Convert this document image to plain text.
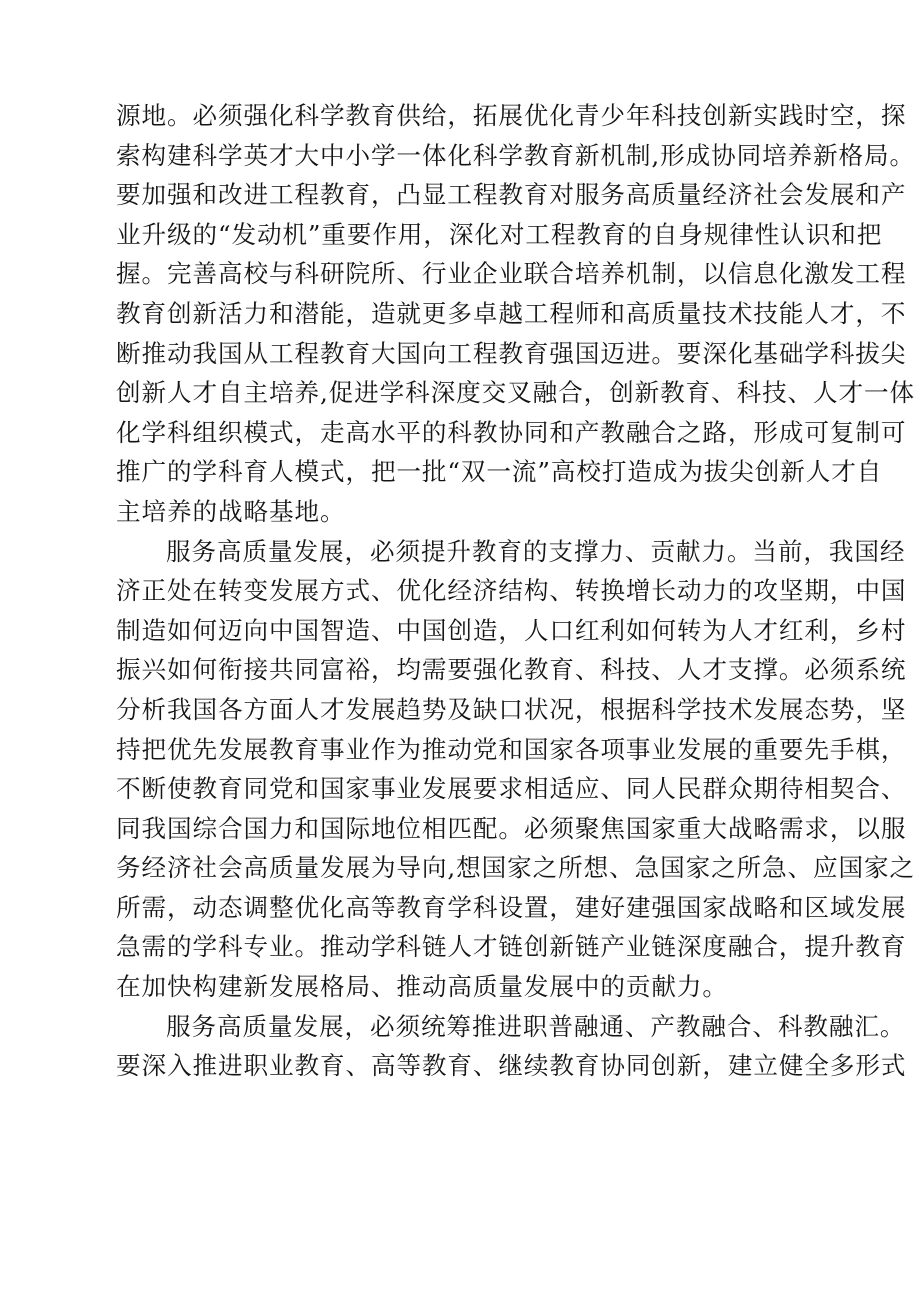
源地。必须强化科学教育供给，拓展优化青少年科技创新实践时空，探
索构建科学英才大中小学一体化科学教育新机制,形成协同培养新格局。
要加强和改进工程教育，凸显工程教育对服务高质量经济社会发展和产
业升级的“发动机”重要作用，深化对工程教育的自身规律性认识和把
握。完善高校与科研院所、行业企业联合培养机制，以信息化激发工程
教育创新活力和潜能，造就更多卓越工程师和高质量技术技能人才，不
断推动我国从工程教育大国向工程教育强国迈进。要深化基础学科拔尖
创新人才自主培养,促进学科深度交叉融合，创新教育、科技、人才一体
化学科组织模式，走高水平的科教协同和产教融合之路，形成可复制可
推广的学科育人模式，把一批“双一流”高校打造成为拔尖创新人才自
主培养的战略基地。
服务高质量发展，必须提升教育的支撑力、贡献力。当前，我国经
济正处在转变发展方式、优化经济结构、转换增长动力的攻坚期，中国
制造如何迈向中国智造、中国创造，人口红利如何转为人才红利，乡村
振兴如何衔接共同富裕，均需要强化教育、科技、人才支撑。必须系统
分析我国各方面人才发展趋势及缺口状况，根据科学技术发展态势，坚
持把优先发展教育事业作为推动党和国家各项事业发展的重要先手棋，
不断使教育同党和国家事业发展要求相适应、同人民群众期待相契合、
同我国综合国力和国际地位相匹配。必须聚焦国家重大战略需求，以服
务经济社会高质量发展为导向,想国家之所想、急国家之所急、应国家之
所需，动态调整优化高等教育学科设置，建好建强国家战略和区域发展
急需的学科专业。推动学科链人才链创新链产业链深度融合，提升教育
在加快构建新发展格局、推动高质量发展中的贡献力。
服务高质量发展，必须统筹推进职普融通、产教融合、科教融汇。
要深入推进职业教育、高等教育、继续教育协同创新，建立健全多形式
